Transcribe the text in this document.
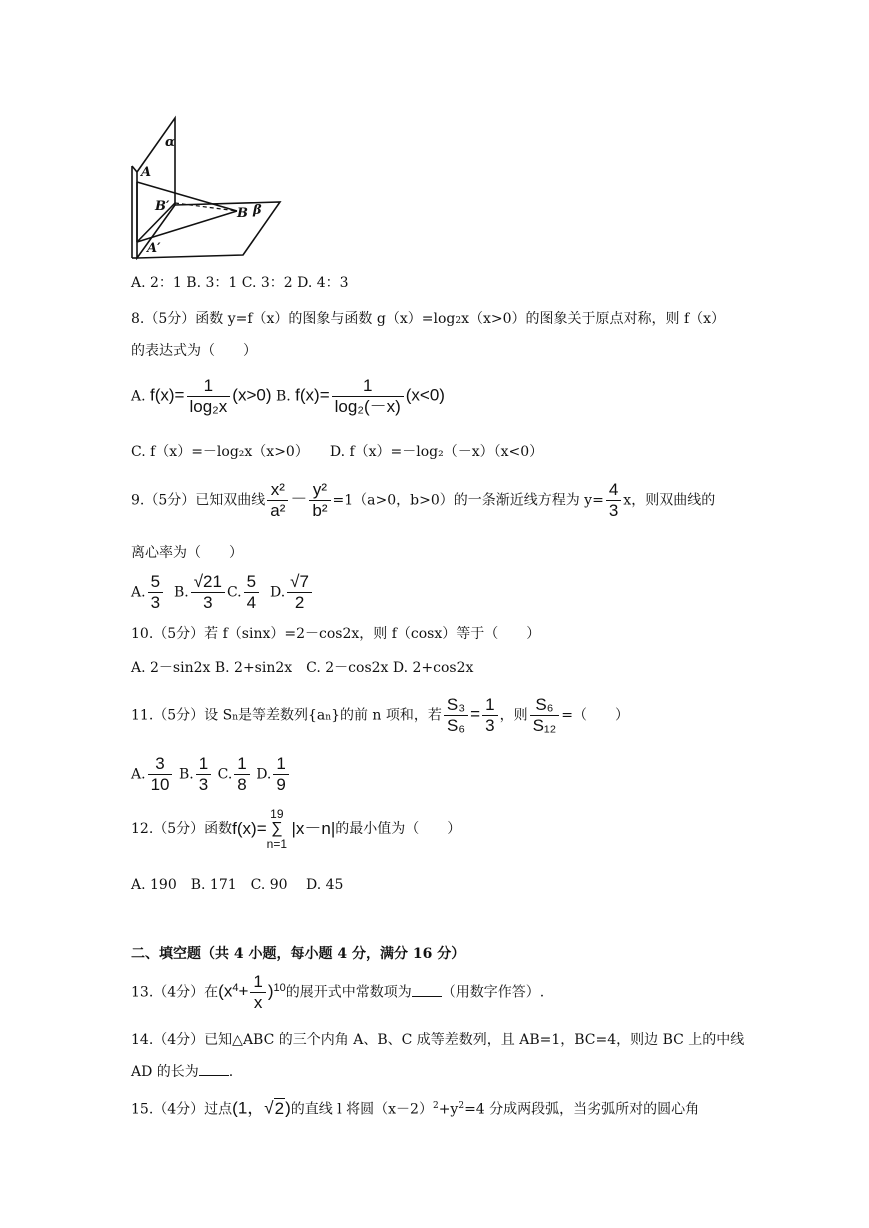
α
A
B′	B β
A′
A. 2：1 B. 3：1 C. 3：2 D. 4：3
8.（5分）函数 y=f（x）的图象与函数 g（x）=log2x（x>0）的图象关于原点对称，则 f（x）
的表达式为（　　）
A. $f(x)= \frac{1}{\text{log₂x}} (x>0)$ B. $f(x)= \frac{1}{\text{log₂(－x)}} (x<0)$
C. f（x）=－log₂x（x>0）　　 D. f（x）=－log₂（－x）（x<0）
9.（5分）已知双曲线 $\frac{\text{x²}}{\text{a²}} - \frac{\text{y²}}{\text{b²}} =1(a>0$，b>0）的一条渐近线方程为 $y= \frac{4}{3}$ x，则双曲线的
离心率为（　　）
A. $\frac{5}{3} B$. $\frac{√21}{3} C$. $\frac{5}{4} D$. $\frac{√7}{2}$
10.（5分）若 f（sinx）=2－cos2x，则 f（cosx）等于（　　）
A. 2－sin2x B. 2+sin2x　C. 2－cos2x D. 2+cos2x
11.（5分）设 Sn是等差数列{an}的前 n 项和，若 $\frac{\text{S₃}}{\text{S₆}} = \frac{1}{3}$ ，则 $\frac{\text{S₆}}{\text{S₁₂}}$ =（　　）
A. $\frac{3}{10} B$. $\frac{1}{3} C$. $\frac{1}{8} D$. $\frac{1}{9}$
12.（5分）函数f(x)=
19
∑
n=1
|x－n|的最小值为（　　）
A. 190　B. 171　C. 90　 D. 45
二、填空题（共 4 小题，每小题 4 分，满分 16 分）
13.（4分）在$(x^4+ \frac{1}{x} )^{10}$的展开式中常数项为 （用数字作答）.
14.（4分）已知△ABC 的三个内角 A、B、C 成等差数列，且 AB=1，BC=4，则边 BC 上的中线
AD 的长为 .
15.（4分）过点(1，√2)的直线 l 将圆$(x-2)^2+y^2=4$ 分成两段弧，当劣弧所对的圆心角
